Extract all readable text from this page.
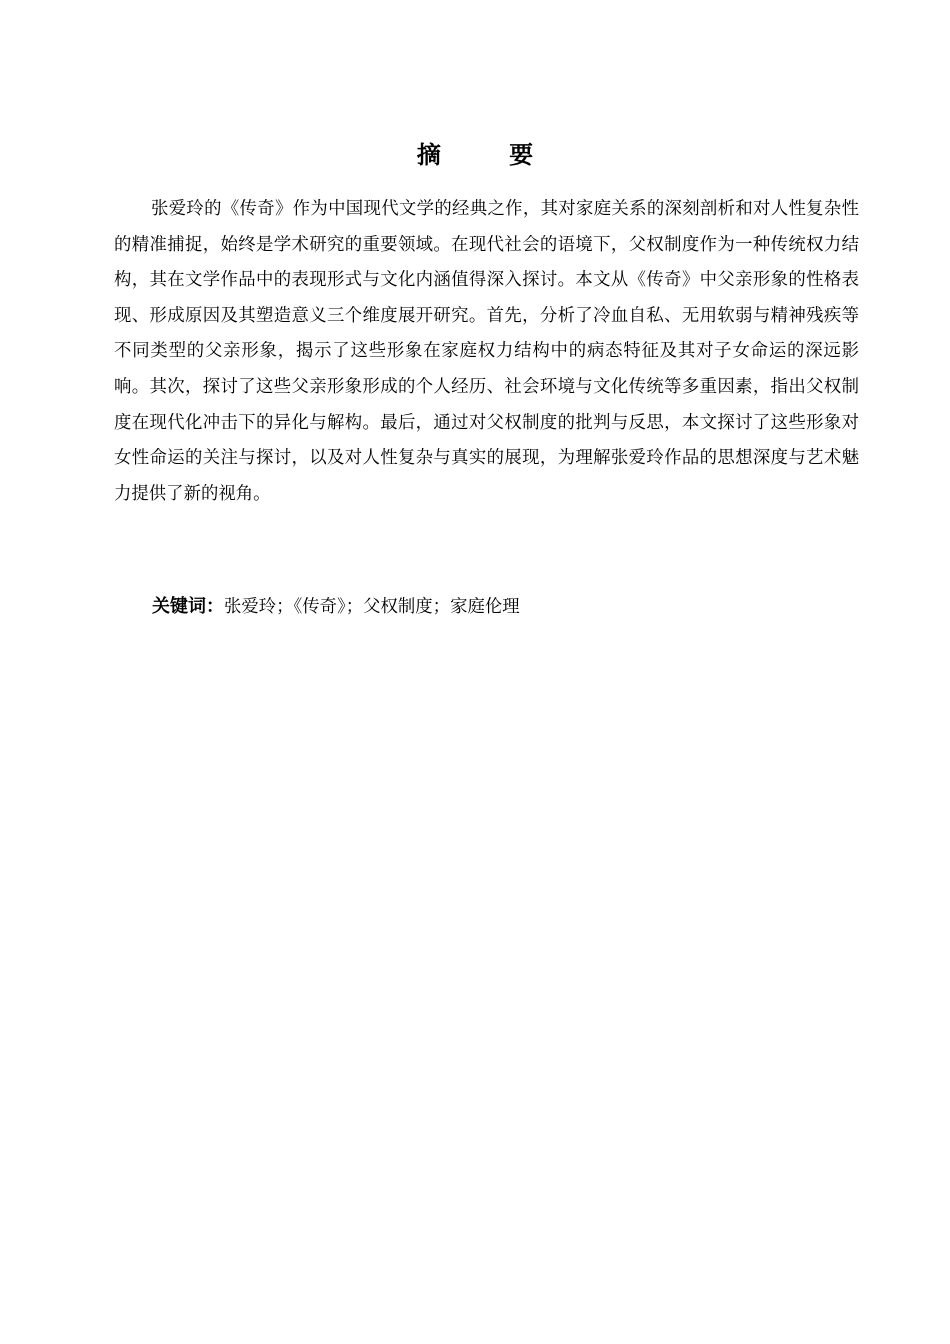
摘 要

张爱玲的《传奇》作为中国现代文学的经典之作，其对家庭关系的深刻剖析和对人性复杂性的精准捕捉，始终是学术研究的重要领域。在现代社会的语境下，父权制度作为一种传统权力结构，其在文学作品中的表现形式与文化内涵值得深入探讨。本文从《传奇》中父亲形象的性格表现、形成原因及其塑造意义三个维度展开研究。首先，分析了冷血自私、无用软弱与精神残疾等不同类型的父亲形象，揭示了这些形象在家庭权力结构中的病态特征及其对子女命运的深远影响。其次，探讨了这些父亲形象形成的个人经历、社会环境与文化传统等多重因素，指出父权制度在现代化冲击下的异化与解构。最后，通过对父权制度的批判与反思，本文探讨了这些形象对女性命运的关注与探讨，以及对人性复杂与真实的展现，为理解张爱玲作品的思想深度与艺术魅力提供了新的视角。

关键词：张爱玲；《传奇》；父权制度；家庭伦理
